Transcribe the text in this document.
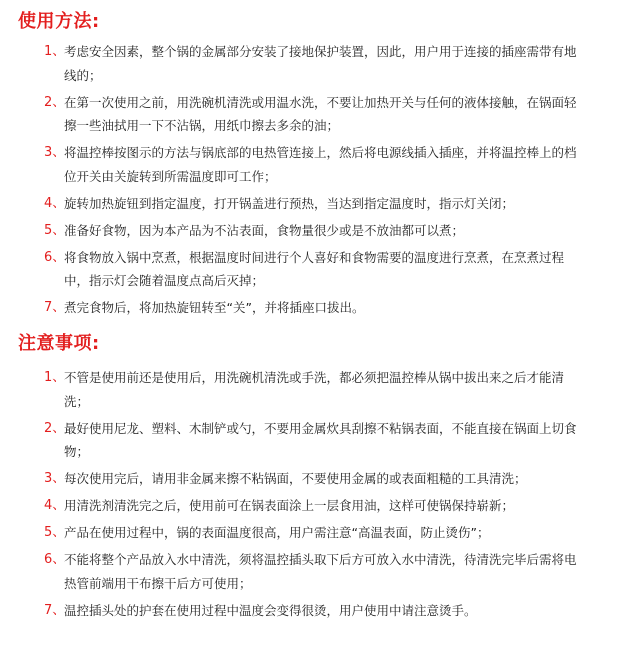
使用方法:
1 、 考虑安全因素，整个锅的金属部分安装了接地保护装置，因此，用户用于连接的插座需带有地线的；
2 、 在第一次使用之前，用洗碗机清洗或用温水洗，不要让加热开关与任何的液体接触，在锅面轻擦一些油拭用一下不沾锅，用纸巾擦去多余的油；
3 、 将温控棒按图示的方法与锅底部的电热管连接上，然后将电源线插入插座，并将温控棒上的档位开关由关旋转到所需温度即可工作；
4 、 旋转加热旋钮到指定温度，打开锅盖进行预热，当达到指定温度时，指示灯关闭；
5 、 准备好食物，因为本产品为不沾表面，食物量很少或是不放油都可以煮；
6 、 将食物放入锅中烹煮，根据温度时间进行个人喜好和食物需要的温度进行烹煮，在烹煮过程中，指示灯会随着温度点高后灭掉；
7 、 煮完食物后，将加热旋钮转至“关”，并将插座口拔出。
注意事项:
1 、 不管是使用前还是使用后，用洗碗机清洗或手洗，都必须把温控棒从锅中拔出来之后才能清洗；
2 、 最好使用尼龙、塑料、木制铲或勺，不要用金属炊具刮擦不粘锅表面，不能直接在锅面上切食物；
3 、 每次使用完后，请用非金属来擦不粘锅面，不要使用金属的或表面粗糙的工具清洗；
4 、 用清洗剂清洗完之后，使用前可在锅表面涂上一层食用油，这样可使锅保持崭新；
5 、 产品在使用过程中，锅的表面温度很高，用户需注意“高温表面，防止烫伤”；
6 、 不能将整个产品放入水中清洗，须将温控插头取下后方可放入水中清洗，待清洗完毕后需将电热管前端用干布擦干后方可使用；
7 、 温控插头处的护套在使用过程中温度会变得很烫，用户使用中请注意烫手。
